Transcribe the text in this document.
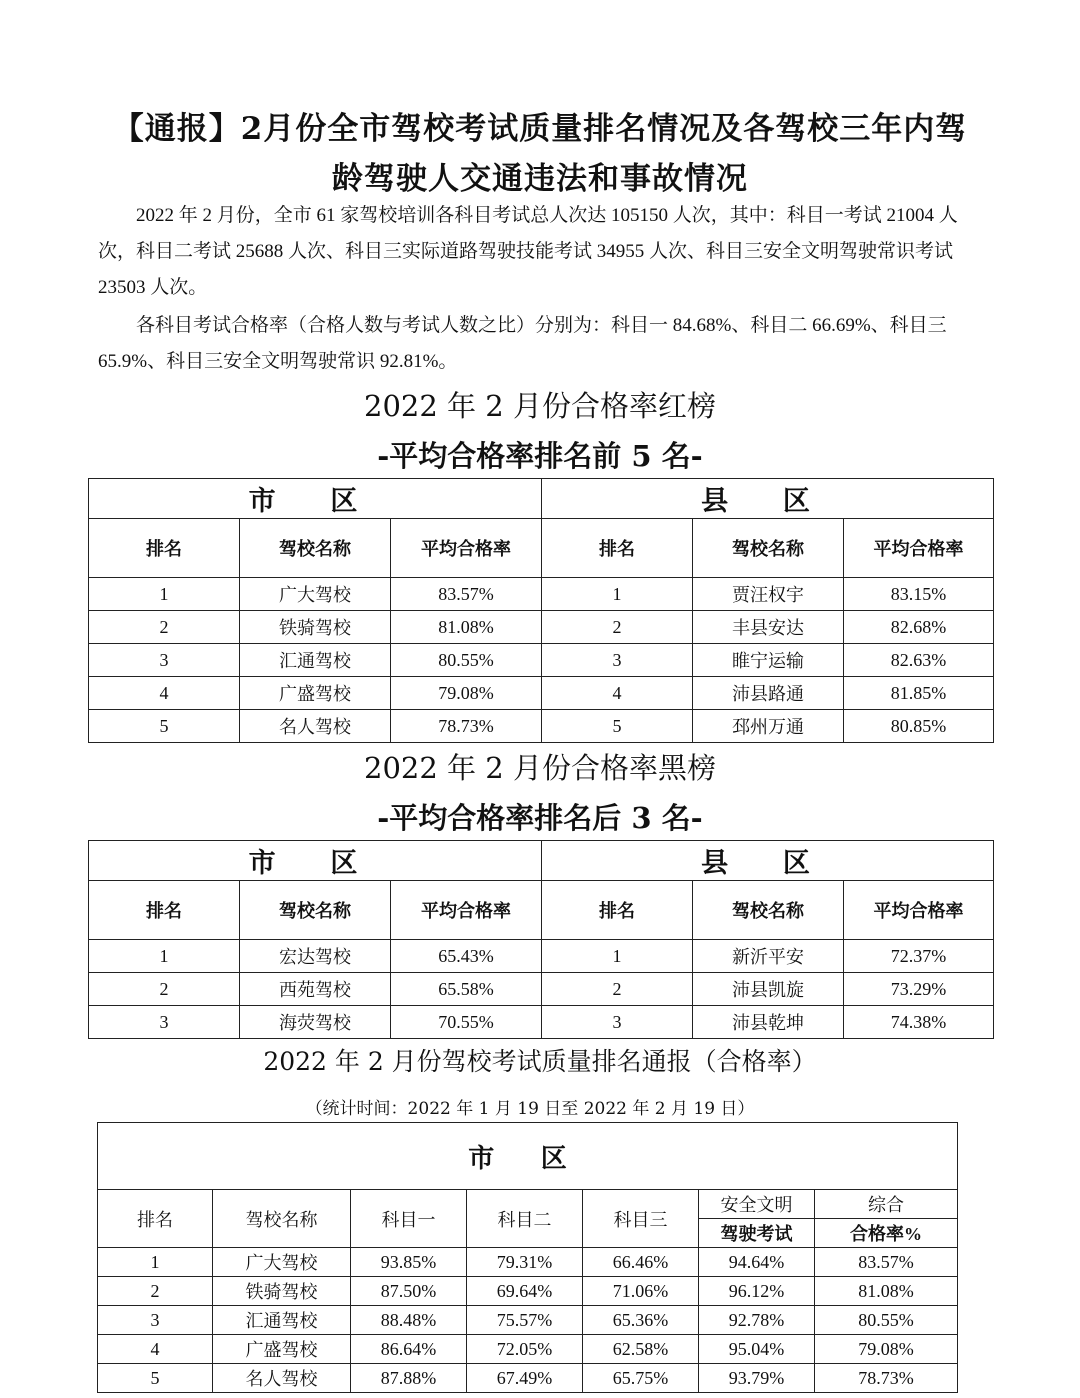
【通报】2月份全市驾校考试质量排名情况及各驾校三年内驾
龄驾驶人交通违法和事故情况
2022 年 2 月份，全市 61 家驾校培训各科目考试总人次达 105150 人次，其中：科目一考试 21004 人次，科目二考试 25688 人次、科目三实际道路驾驶技能考试 34955 人次、科目三安全文明驾驶常识考试 23503 人次。
各科目考试合格率（合格人数与考试人数之比）分别为：科目一 84.68%、科目二 66.69%、科目三 65.9%、科目三安全文明驾驶常识 92.81%。
2022 年 2 月份合格率红榜
-平均合格率排名前 5 名-
市 区			县 区		
排名	驾校名称	平均合格率	排名	驾校名称	平均合格率
1	广大驾校	83.57%	1	贾汪权宇	83.15%
2	铁骑驾校	81.08%	2	丰县安达	82.68%
3	汇通驾校	80.55%	3	睢宁运输	82.63%
4	广盛驾校	79.08%	4	沛县路通	81.85%
5	名人驾校	78.73%	5	邳州万通	80.85%
2022 年 2 月份合格率黑榜
-平均合格率排名后 3 名-
市 区			县 区		
排名	驾校名称	平均合格率	排名	驾校名称	平均合格率
1	宏达驾校	65.43%	1	新沂平安	72.37%
2	西苑驾校	65.58%	2	沛县凯旋	73.29%
3	海荧驾校	70.55%	3	沛县乾坤	74.38%
2022 年 2 月份驾校考试质量排名通报（合格率）
（统计时间：2022 年 1 月 19 日至 2022 年 2 月 19 日）
市 区						
排名	驾校名称	科目一	科目二	科目三	安全文明	综合
					驾驶考试	合格率%
1	广大驾校	93.85%	79.31%	66.46%	94.64%	83.57%
2	铁骑驾校	87.50%	69.64%	71.06%	96.12%	81.08%
3	汇通驾校	88.48%	75.57%	65.36%	92.78%	80.55%
4	广盛驾校	86.64%	72.05%	62.58%	95.04%	79.08%
5	名人驾校	87.88%	67.49%	65.75%	93.79%	78.73%
